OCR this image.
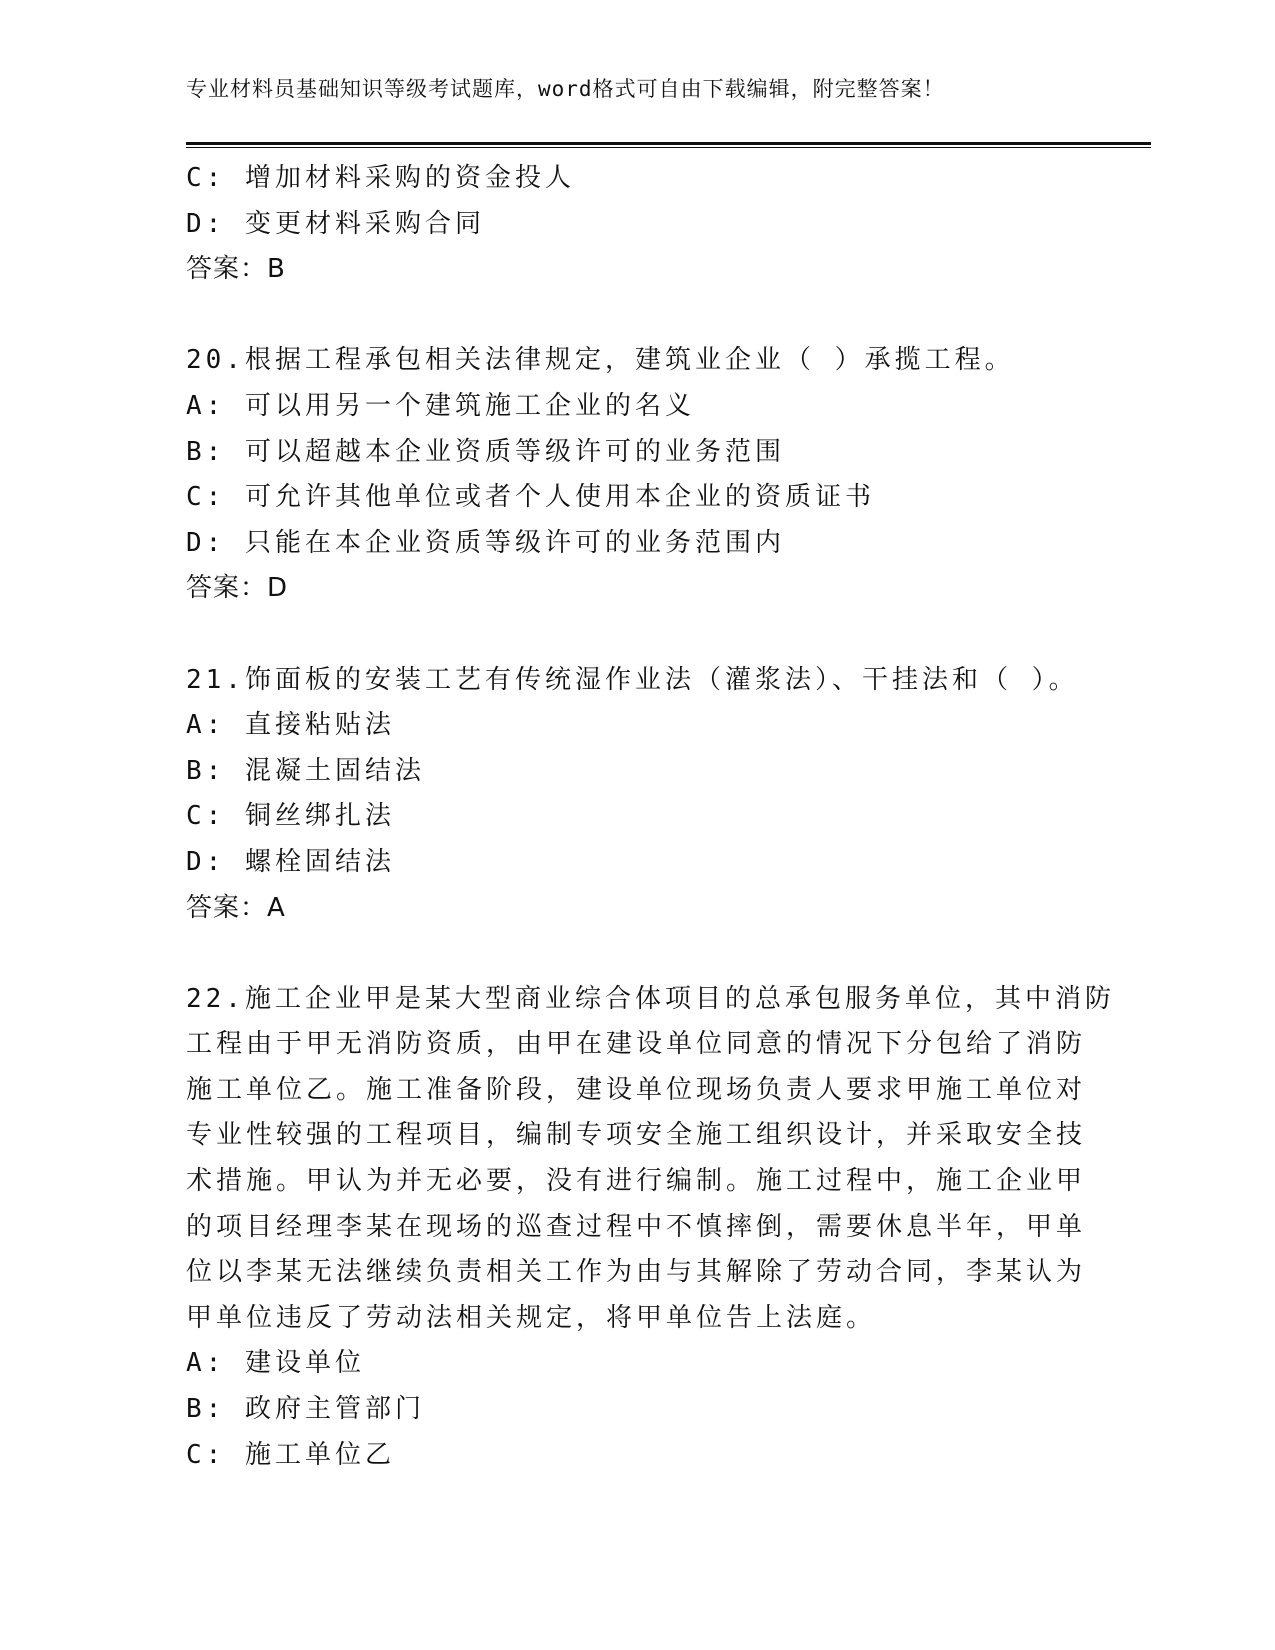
专业材料员基础知识等级考试题库，word格式可自由下载编辑，附完整答案！
C: 增加材料采购的资金投人
D: 变更材料采购合同
答案：B
20.根据工程承包相关法律规定，建筑业企业（ ）承揽工程。
A: 可以用另一个建筑施工企业的名义
B: 可以超越本企业资质等级许可的业务范围
C: 可允许其他单位或者个人使用本企业的资质证书
D: 只能在本企业资质等级许可的业务范围内
答案：D
21.饰面板的安装工艺有传统湿作业法（灌浆法）、干挂法和（ ）。
A: 直接粘贴法
B: 混凝土固结法
C: 铜丝绑扎法
D: 螺栓固结法
答案：A
22.施工企业甲是某大型商业综合体项目的总承包服务单位，其中消防
工程由于甲无消防资质，由甲在建设单位同意的情况下分包给了消防
施工单位乙。施工准备阶段，建设单位现场负责人要求甲施工单位对
专业性较强的工程项目，编制专项安全施工组织设计，并采取安全技
术措施。甲认为并无必要，没有进行编制。施工过程中，施工企业甲
的项目经理李某在现场的巡查过程中不慎摔倒，需要休息半年，甲单
位以李某无法继续负责相关工作为由与其解除了劳动合同，李某认为
甲单位违反了劳动法相关规定，将甲单位告上法庭。
A: 建设单位
B: 政府主管部门
C: 施工单位乙
